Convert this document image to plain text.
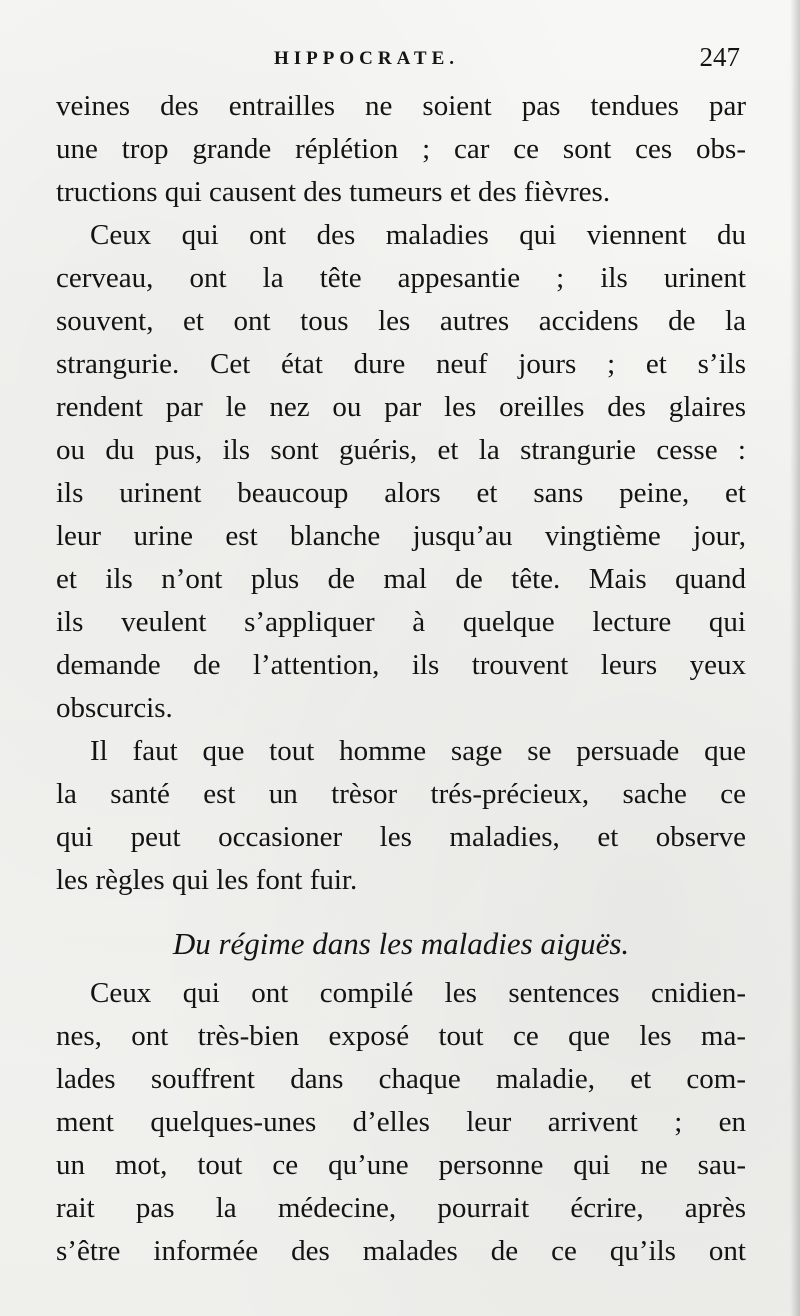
HIPPOCRATE.	247
veines des entrailles ne soient pas tendues par
une trop grande réplétion ; car ce sont ces obs-
tructions qui causent des tumeurs et des fièvres.
Ceux qui ont des maladies qui viennent du
cerveau, ont la tête appesantie ; ils urinent
souvent, et ont tous les autres accidens de la
strangurie. Cet état dure neuf jours ; et s’ils
rendent par le nez ou par les oreilles des glaires
ou du pus, ils sont guéris, et la strangurie cesse :
ils urinent beaucoup alors et sans peine, et
leur urine est blanche jusqu’au vingtième jour,
et ils n’ont plus de mal de tête. Mais quand
ils veulent s’appliquer à quelque lecture qui
demande de l’attention, ils trouvent leurs yeux
obscurcis.
Il faut que tout homme sage se persuade que
la santé est un trèsor trés-précieux, sache ce
qui peut occasioner les maladies, et observe
les règles qui les font fuir.
Du régime dans les maladies aiguës.
Ceux qui ont compilé les sentences cnidien-
nes, ont très-bien exposé tout ce que les ma-
lades souffrent dans chaque maladie, et com-
ment quelques-unes d’elles leur arrivent ; en
un mot, tout ce qu’une personne qui ne sau-
rait pas la médecine, pourrait écrire, après
s’être informée des malades de ce qu’ils ont
